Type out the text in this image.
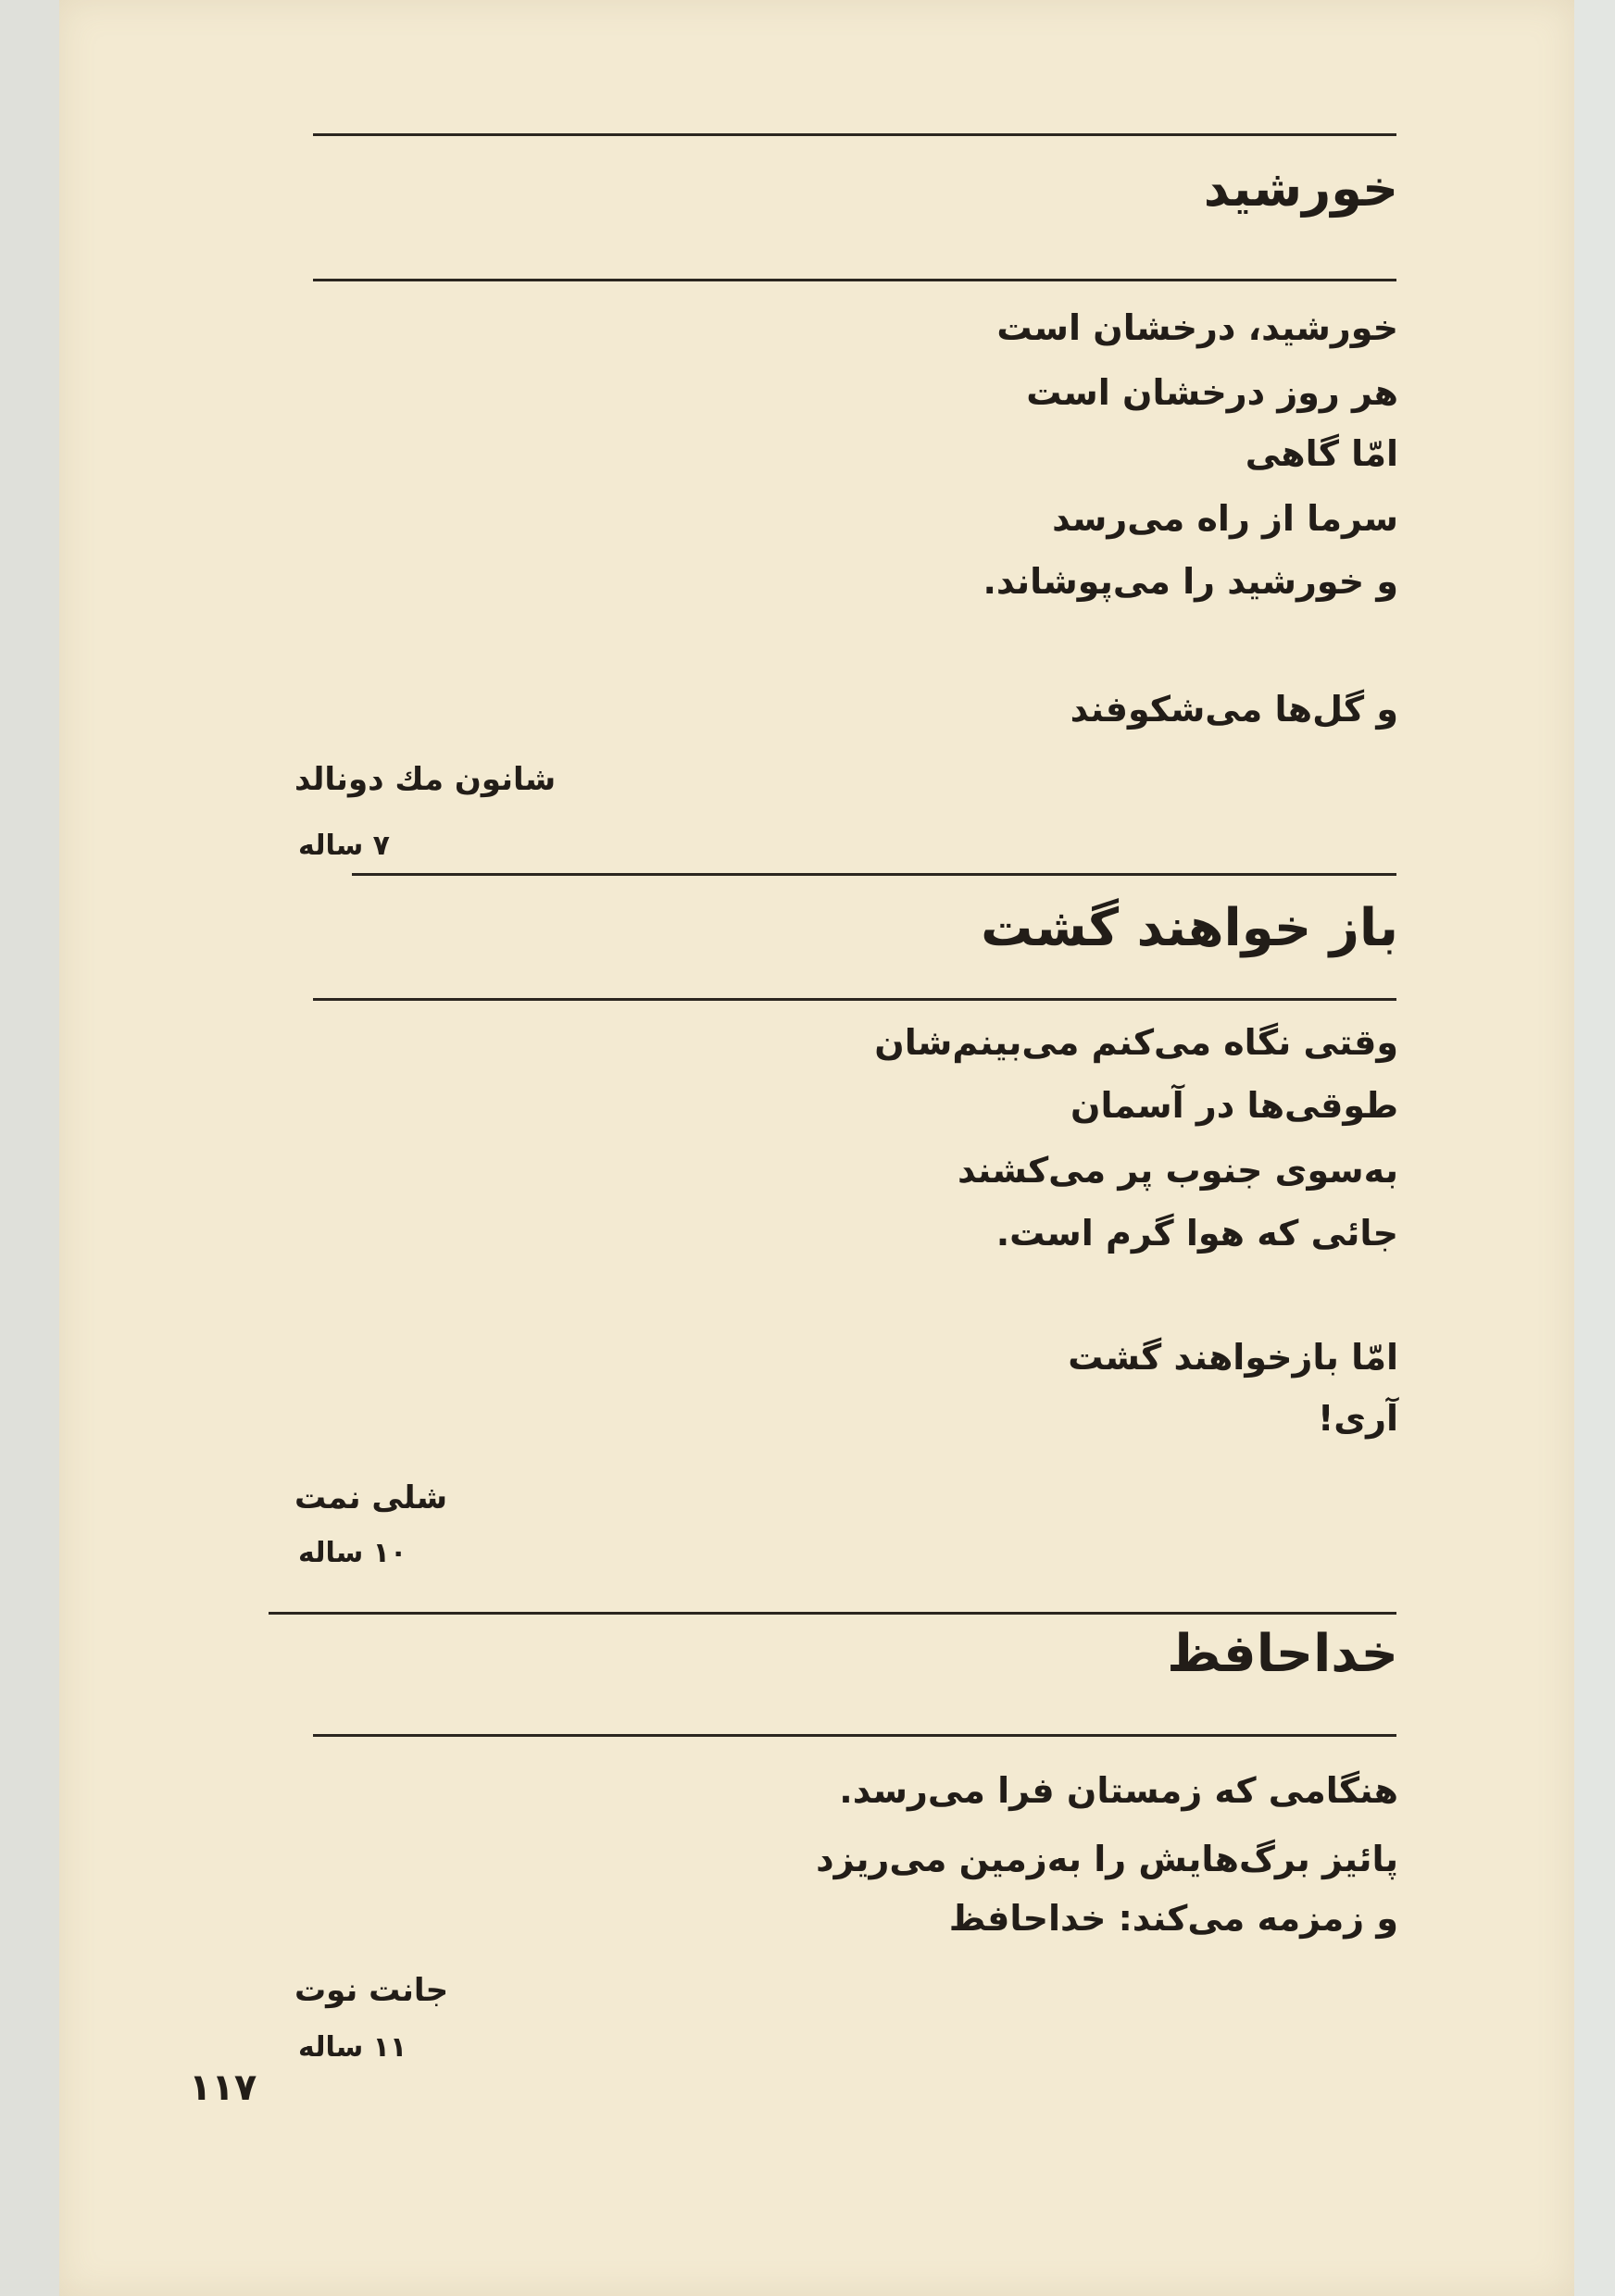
خورشید
خورشید، درخشان است
هر روز درخشان است
امّا گاهی
سرما از راه می‌رسد
و خورشید را می‌پوشاند.
و گل‌ها می‌شکوفند
شانون مك دونالد
۷ ساله
باز خواهند گشت
وقتی نگاه می‌کنم می‌بینم‌شان
طوقی‌ها در آسمان
به‌سوی جنوب پر می‌کشند
جائی که هوا گرم است.
امّا بازخواهند گشت
آری!
شلی نمت
۱۰ ساله
خداحافظ
هنگامی که زمستان فرا می‌رسد.
پائیز برگ‌هایش را به‌زمین می‌ریزد
و زمزمه می‌کند: خداحافظ
جانت نوت
۱۱ ساله
۱۱۷
